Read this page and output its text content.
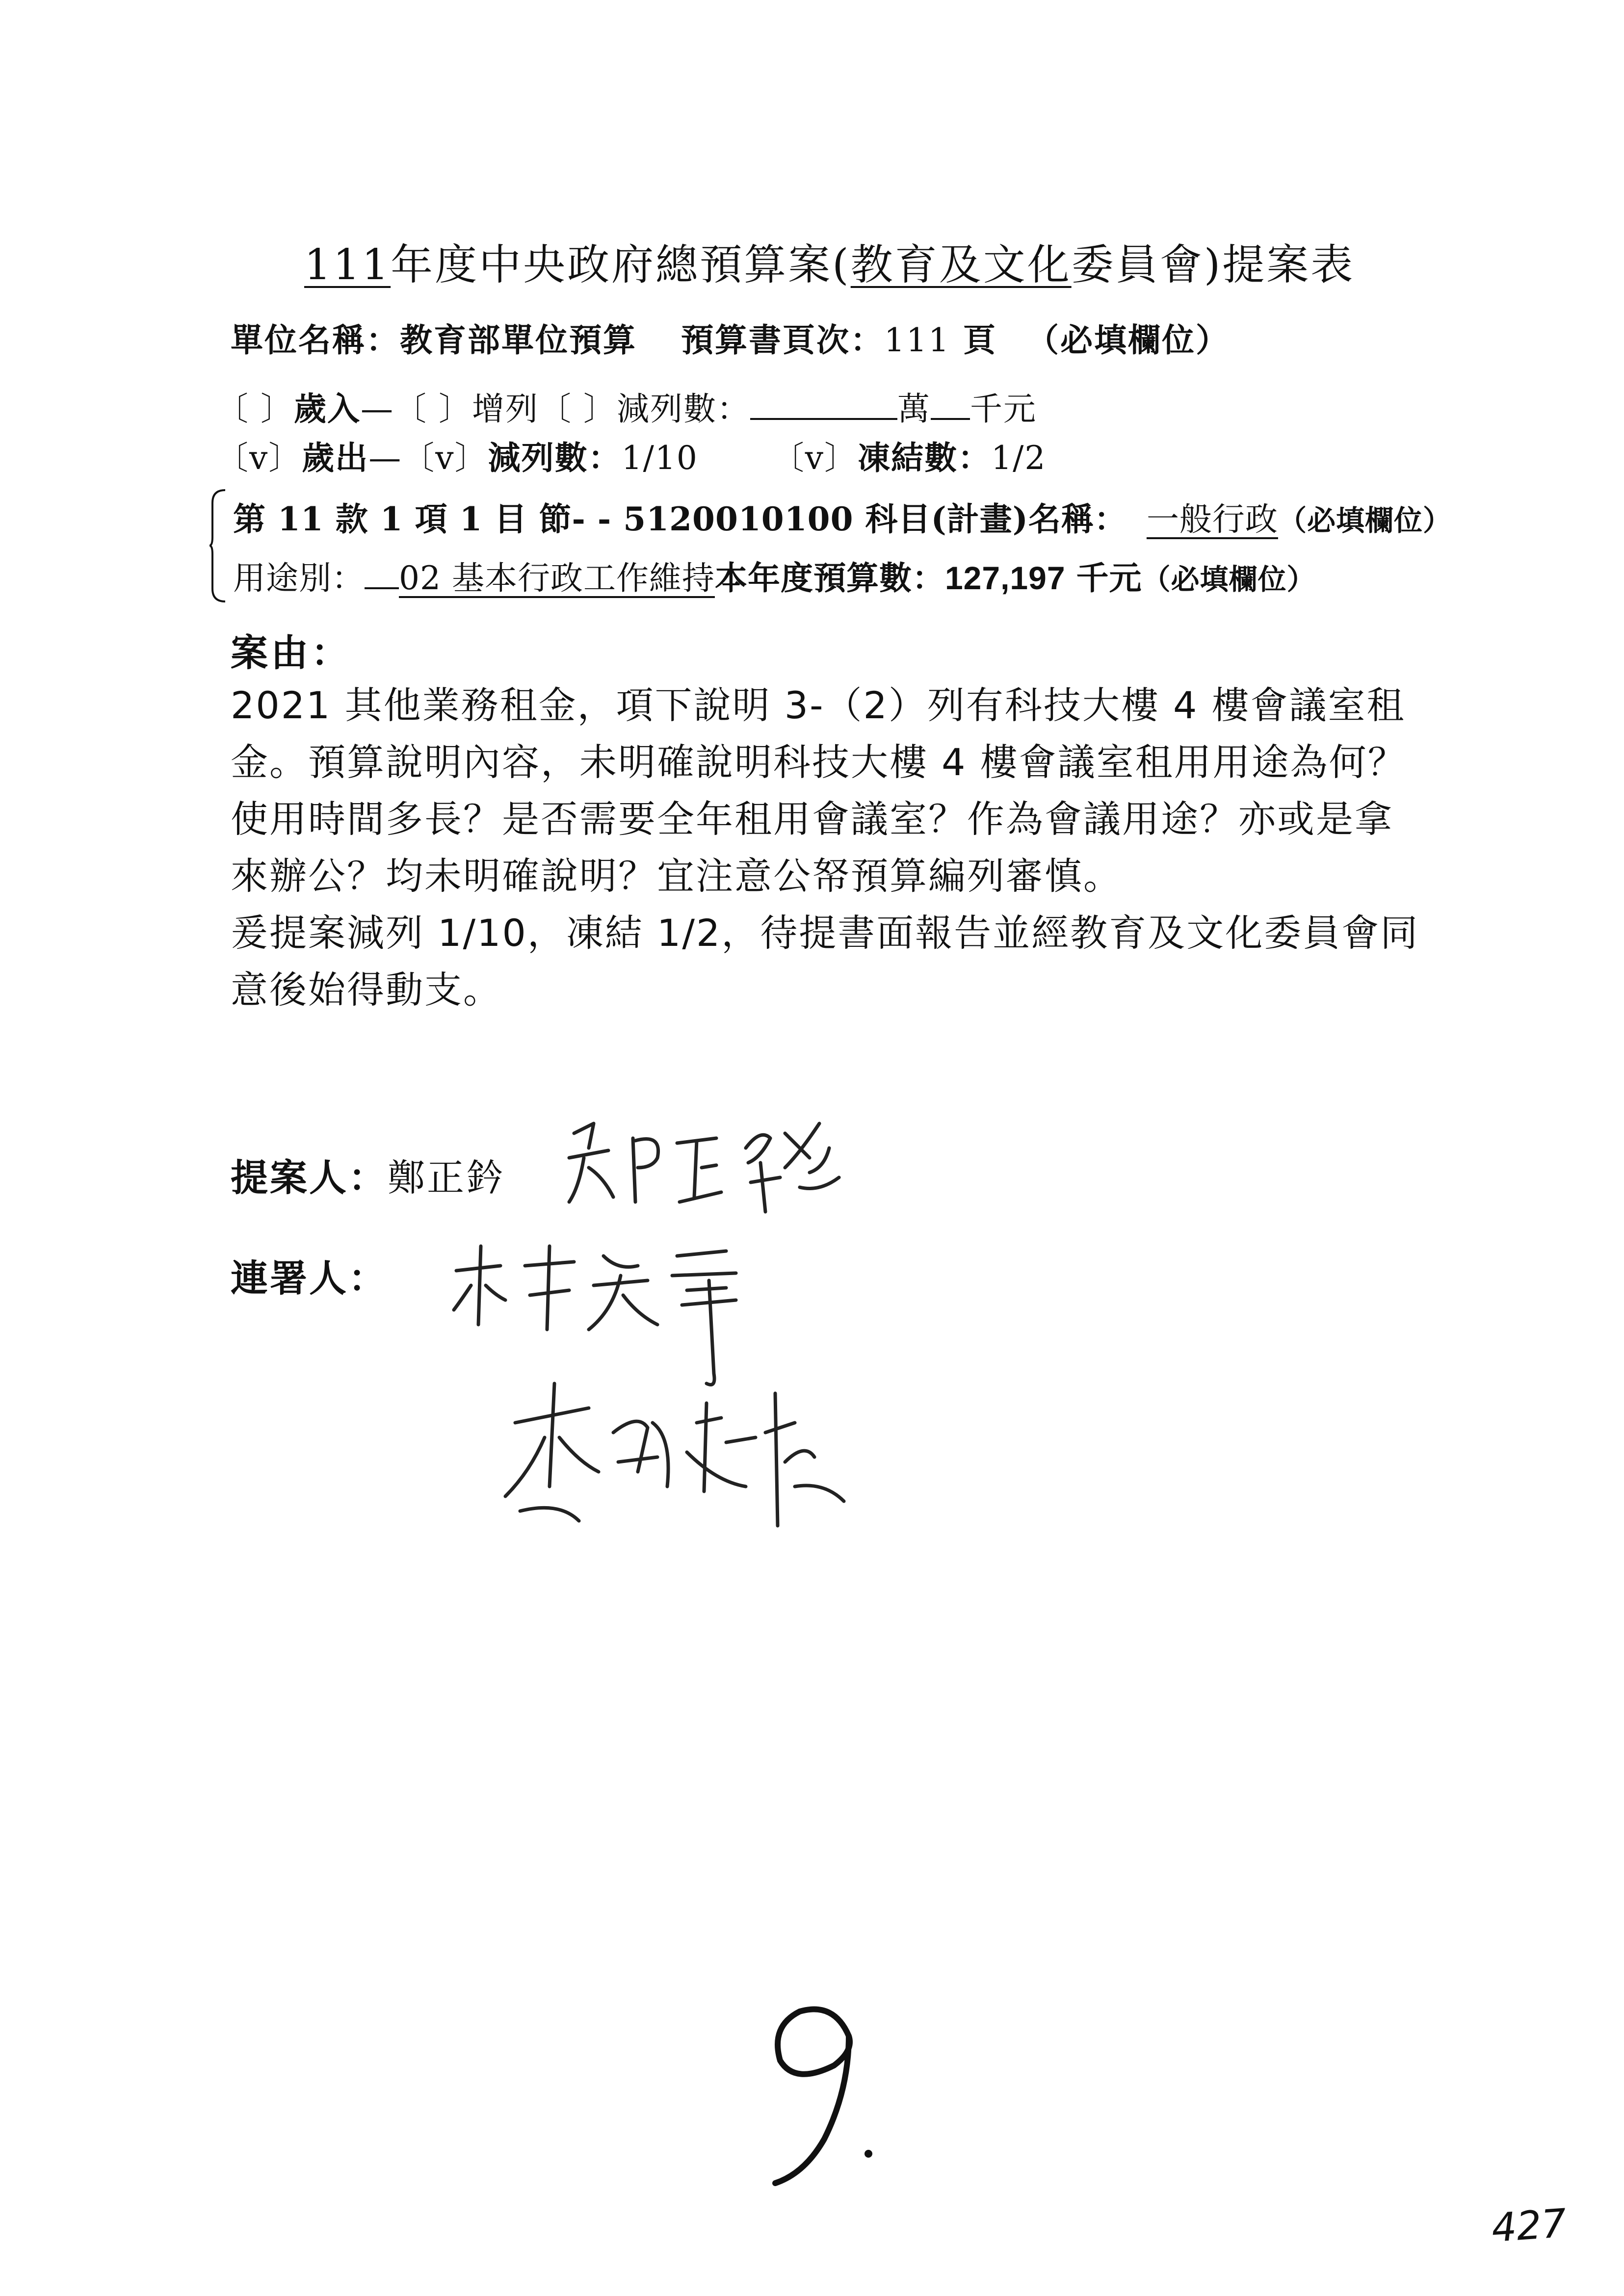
111年度中央政府總預算案(教育及文化委員會)提案表
單位名稱：教育部單位預算 預算書頁次：111 頁 （必填欄位）
〔 〕歲入—〔 〕增列〔 〕減列數：	萬 千元
〔v〕歲出—〔v〕減列數：1/10 〔v〕凍結數：1/2
第 11 款 1 項 1 目 節- - 5120010100 科目(計畫)名稱： 一般行政（必填欄位）
用途別： 02 基本行政工作維持本年度預算數：127,197 千元（必填欄位）
案由：

2021 其他業務租金，項下說明 3-（2）列有科技大樓 4 樓會議室租金。預算說明內容，未明確說明科技大樓 4 樓會議室租用用途為何？使用時間多長？是否需要全年租用會議室？作為會議用途？亦或是拿來辦公？均未明確說明？宜注意公帑預算編列審慎。

爰提案減列 1/10，凍結 1/2，待提書面報告並經教育及文化委員會同意後始得動支。

提案人：鄭正鈐
連署人：
9.
427
